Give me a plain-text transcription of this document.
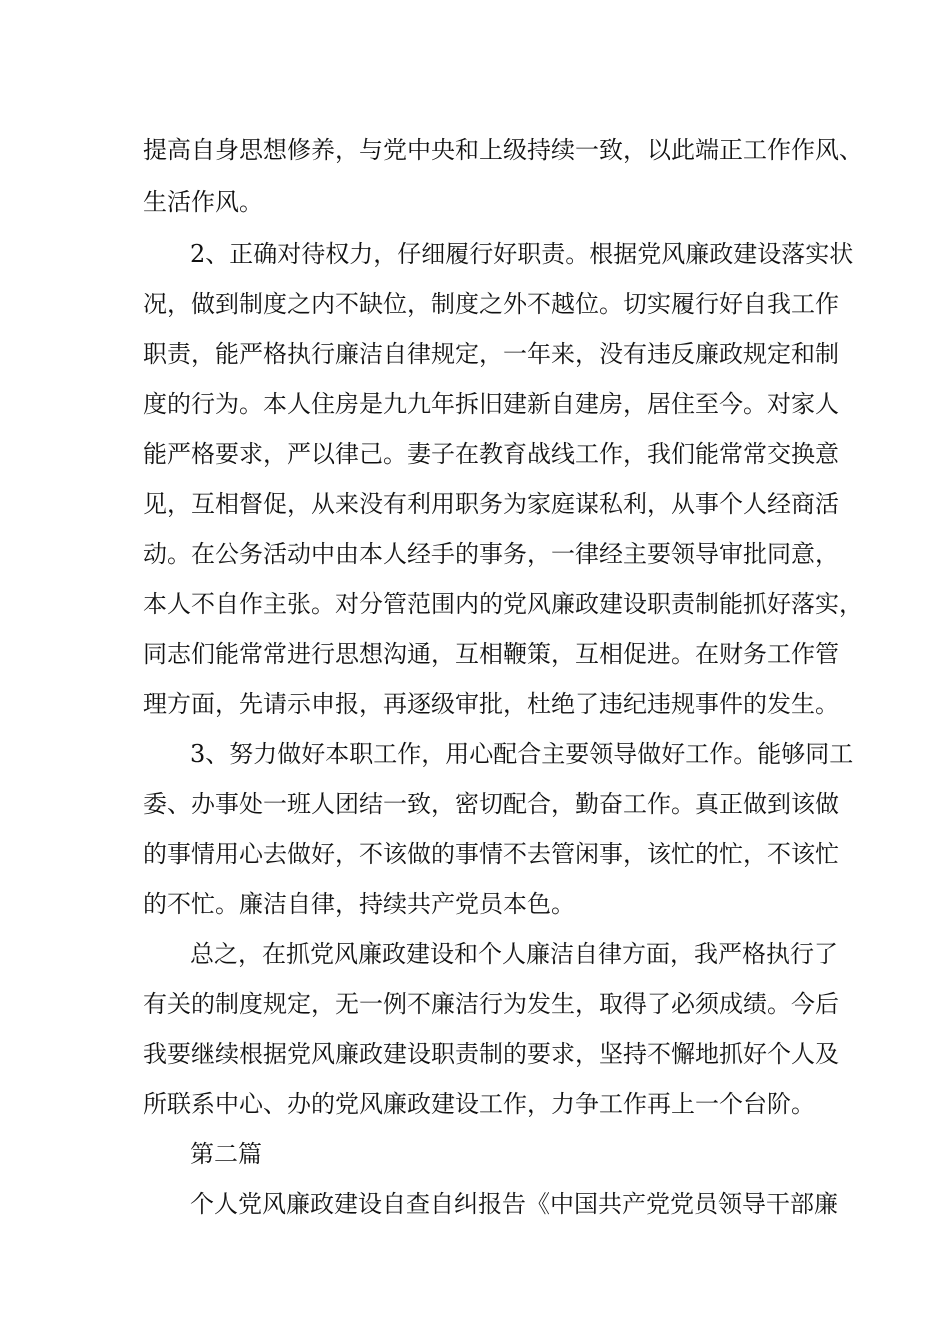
提高自身思想修养，与党中央和上级持续一致，以此端正工作作风、
生活作风。
2、正确对待权力，仔细履行好职责。根据党风廉政建设落实状
况，做到制度之内不缺位，制度之外不越位。切实履行好自我工作
职责，能严格执行廉洁自律规定，一年来，没有违反廉政规定和制
度的行为。本人住房是九九年拆旧建新自建房，居住至今。对家人
能严格要求，严以律己。妻子在教育战线工作，我们能常常交换意
见，互相督促，从来没有利用职务为家庭谋私利，从事个人经商活
动。在公务活动中由本人经手的事务，一律经主要领导审批同意，
本人不自作主张。对分管范围内的党风廉政建设职责制能抓好落实，
同志们能常常进行思想沟通，互相鞭策，互相促进。在财务工作管
理方面，先请示申报，再逐级审批，杜绝了违纪违规事件的发生。
3、努力做好本职工作，用心配合主要领导做好工作。能够同工
委、办事处一班人团结一致，密切配合，勤奋工作。真正做到该做
的事情用心去做好，不该做的事情不去管闲事，该忙的忙，不该忙
的不忙。廉洁自律，持续共产党员本色。
总之，在抓党风廉政建设和个人廉洁自律方面，我严格执行了
有关的制度规定，无一例不廉洁行为发生，取得了必须成绩。今后
我要继续根据党风廉政建设职责制的要求，坚持不懈地抓好个人及
所联系中心、办的党风廉政建设工作，力争工作再上一个台阶。
第二篇
个人党风廉政建设自查自纠报告《中国共产党党员领导干部廉
